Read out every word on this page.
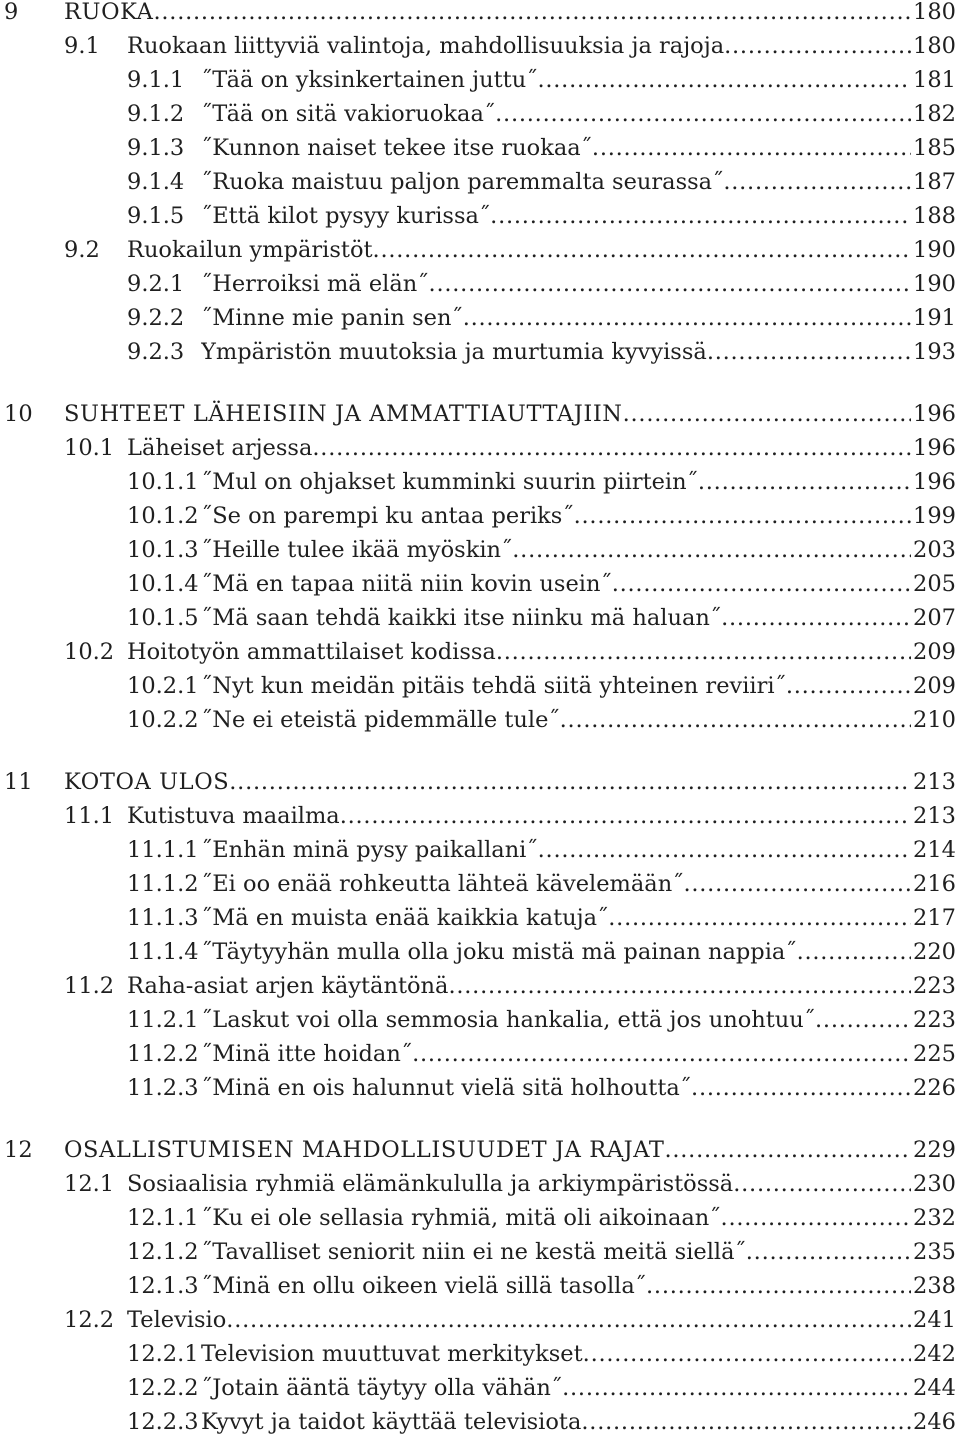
9 RUOKA . . .	180
9.1 Ruokaan liittyviä valintoja, mahdollisuuksia ja rajoja . . .	180
9.1.1 ˝Tää on yksinkertainen juttu˝ . . .	181
9.1.2 ˝Tää on sitä vakioruokaa˝ . . .	182
9.1.3 ˝Kunnon naiset tekee itse ruokaa˝ . . .	185
9.1.4 ˝Ruoka maistuu paljon paremmalta seurassa˝ . . .	187
9.1.5 ˝Että kilot pysyy kurissa˝ . . .	188
9.2 Ruokailun ympäristöt . . .	190
9.2.1 ˝Herroiksi mä elän˝ . . .	190
9.2.2 ˝Minne mie panin sen˝ . . .	191
9.2.3 Ympäristön muutoksia ja murtumia kyvyissä . . .	193
10 SUHTEET LÄHEISIIN JA AMMATTIAUTTAJIIN . . .	196
10.1 Läheiset arjessa . . .	196
10.1.1 ˝Mul on ohjakset kumminki suurin piirtein˝ . . .	196
10.1.2 ˝Se on parempi ku antaa periks˝ . . .	199
10.1.3 ˝Heille tulee ikää myöskin˝ . . .	203
10.1.4 ˝Mä en tapaa niitä niin kovin usein˝ . . .	205
10.1.5 ˝Mä saan tehdä kaikki itse niinku mä haluan˝ . . .	207
10.2 Hoitotyön ammattilaiset kodissa . . .	209
10.2.1 ˝Nyt kun meidän pitäis tehdä siitä yhteinen reviiri˝ . . .	209
10.2.2 ˝Ne ei eteistä pidemmälle tule˝ . . .	210
11 KOTOA ULOS . . .	213
11.1 Kutistuva maailma . . .	213
11.1.1 ˝Enhän minä pysy paikallani˝ . . .	214
11.1.2 ˝Ei oo enää rohkeutta lähteä kävelemään˝ . . .	216
11.1.3 ˝Mä en muista enää kaikkia katuja˝ . . .	217
11.1.4 ˝Täytyyhän mulla olla joku mistä mä painan nappia˝ . . .	220
11.2 Raha-asiat arjen käytäntönä . . .	223
11.2.1 ˝Laskut voi olla semmosia hankalia, että jos unohtuu˝ . . .	223
11.2.2 ˝Minä itte hoidan˝ . . .	225
11.2.3 ˝Minä en ois halunnut vielä sitä holhoutta˝ . . .	226
12 OSALLISTUMISEN MAHDOLLISUUDET JA RAJAT . . .	229
12.1 Sosiaalisia ryhmiä elämänkululla ja arkiympäristössä . . .	230
12.1.1 ˝Ku ei ole sellasia ryhmiä, mitä oli aikoinaan˝ . . .	232
12.1.2 ˝Tavalliset seniorit niin ei ne kestä meitä siellä˝ . . .	235
12.1.3 ˝Minä en ollu oikeen vielä sillä tasolla˝ . . .	238
12.2 Televisio . . .	241
12.2.1 Television muuttuvat merkitykset . . .	242
12.2.2 ˝Jotain ääntä täytyy olla vähän˝ . . .	244
12.2.3 Kyvyt ja taidot käyttää televisiota . . .	246
